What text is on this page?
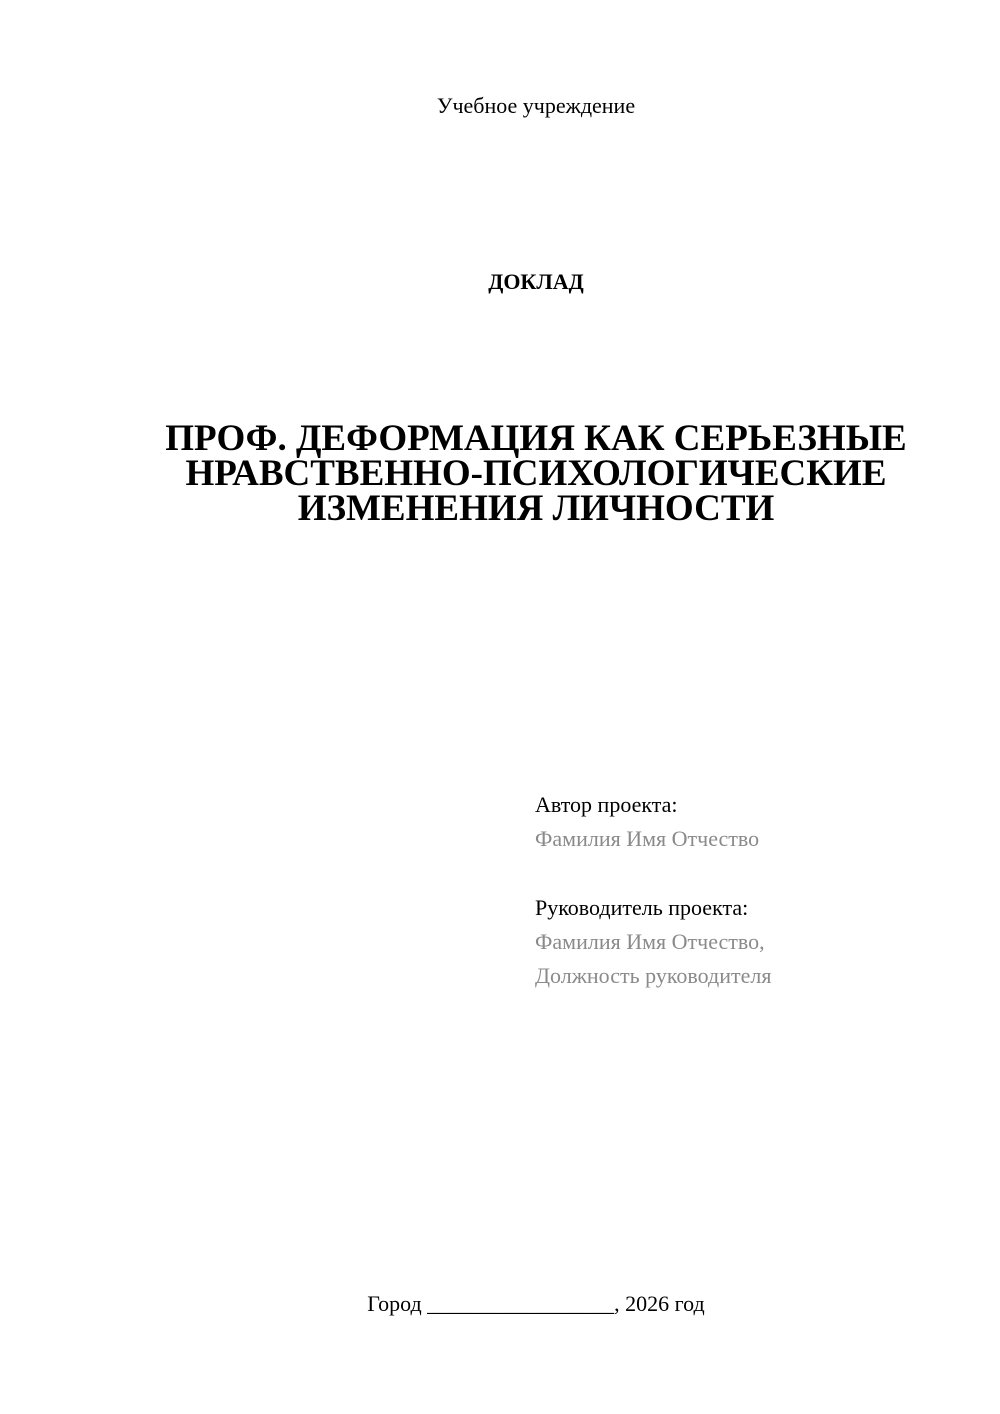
Учебное учреждение
ДОКЛАД
ПРОФ. ДЕФОРМАЦИЯ КАК СЕРЬЕЗНЫЕ
НРАВСТВЕННО-ПСИХОЛОГИЧЕСКИЕ
ИЗМЕНЕНИЯ ЛИЧНОСТИ
Автор проекта:
Фамилия Имя Отчество
Руководитель проекта:
Фамилия Имя Отчество,
Должность руководителя
Город _________________, 2026 год
